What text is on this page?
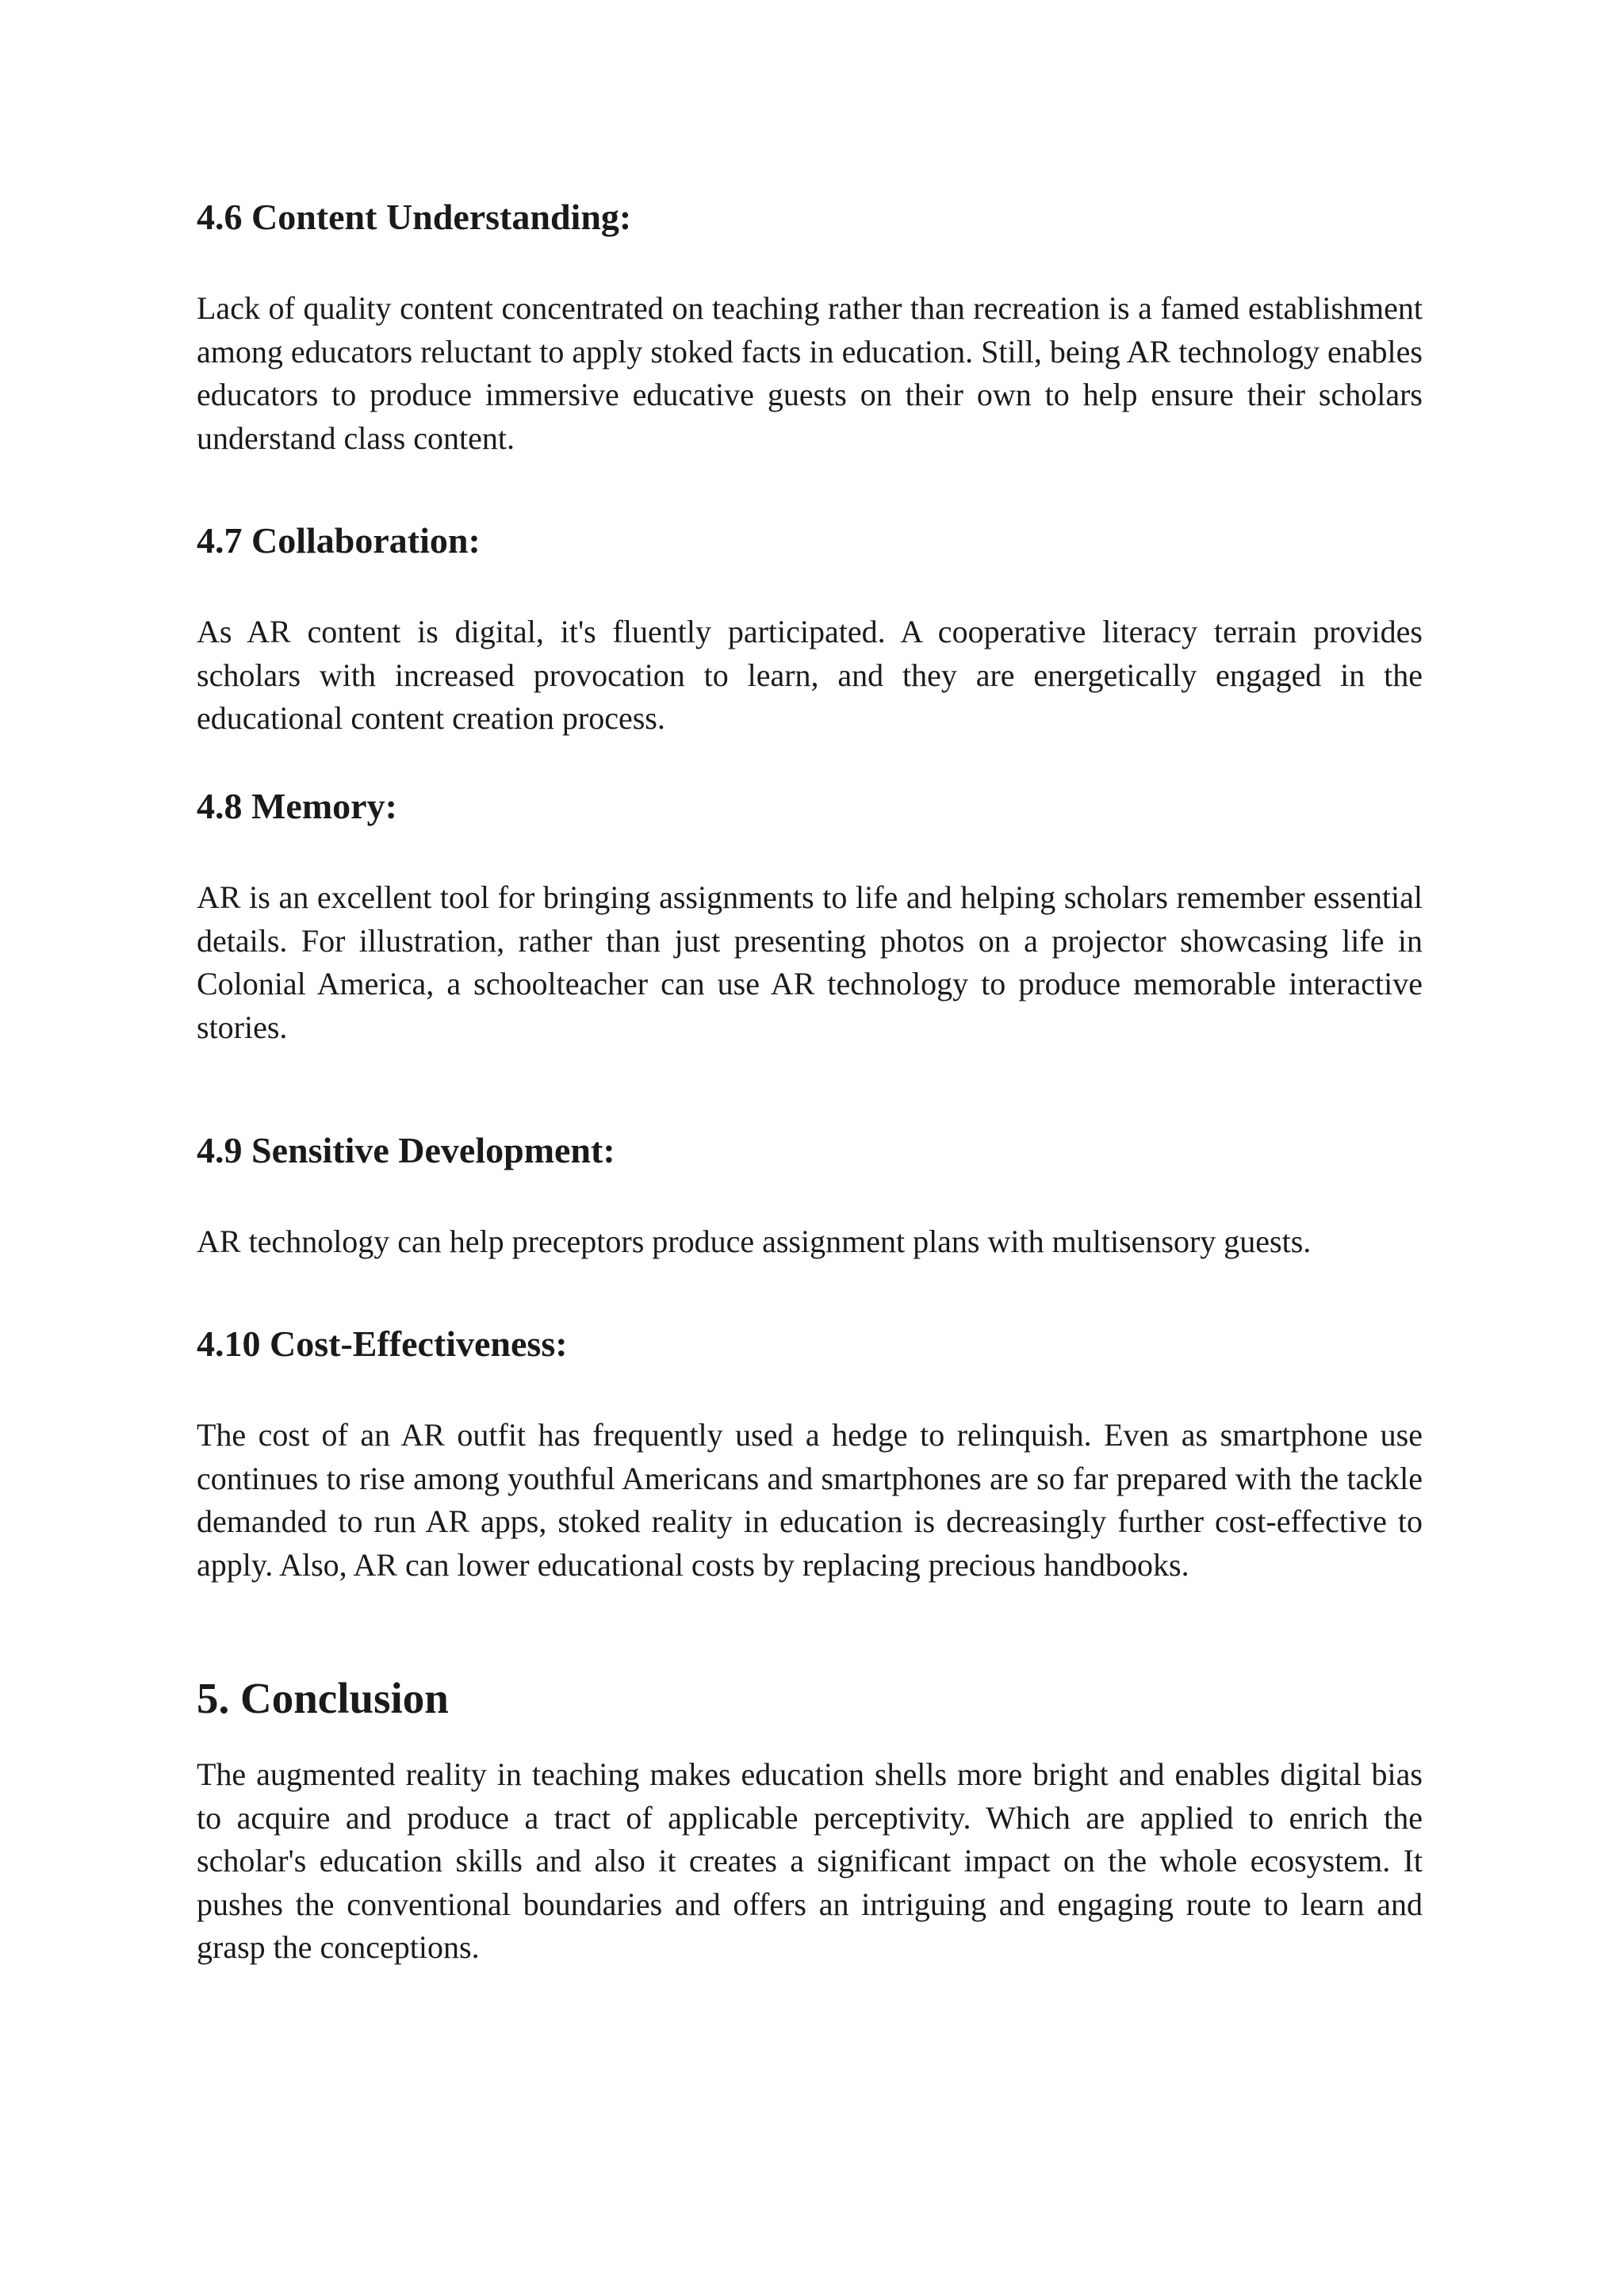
4.6 Content Understanding:

Lack of quality content concentrated on teaching rather than recreation is a famed establishment among educators reluctant to apply stoked facts in education. Still, being AR technology enables educators to produce immersive educative guests on their own to help ensure their scholars understand class content.

4.7 Collaboration:

As AR content is digital, it's fluently participated. A cooperative literacy terrain provides scholars with increased provocation to learn, and they are energetically engaged in the educational content creation process.

4.8 Memory:

AR is an excellent tool for bringing assignments to life and helping scholars remember essential details. For illustration, rather than just presenting photos on a projector showcasing life in Colonial America, a schoolteacher can use AR technology to produce memorable interactive stories.

4.9 Sensitive Development:

AR technology can help preceptors produce assignment plans with multisensory guests.

4.10 Cost-Effectiveness:

The cost of an AR outfit has frequently used a hedge to relinquish. Even as smartphone use continues to rise among youthful Americans and smartphones are so far prepared with the tackle demanded to run AR apps, stoked reality in education is decreasingly further cost-effective to apply. Also, AR can lower educational costs by replacing precious handbooks.

5. Conclusion

The augmented reality in teaching makes education shells more bright and enables digital bias to acquire and produce a tract of applicable perceptivity. Which are applied to enrich the scholar's education skills and also it creates a significant impact on the whole ecosystem. It pushes the conventional boundaries and offers an intriguing and engaging route to learn and grasp the conceptions.
